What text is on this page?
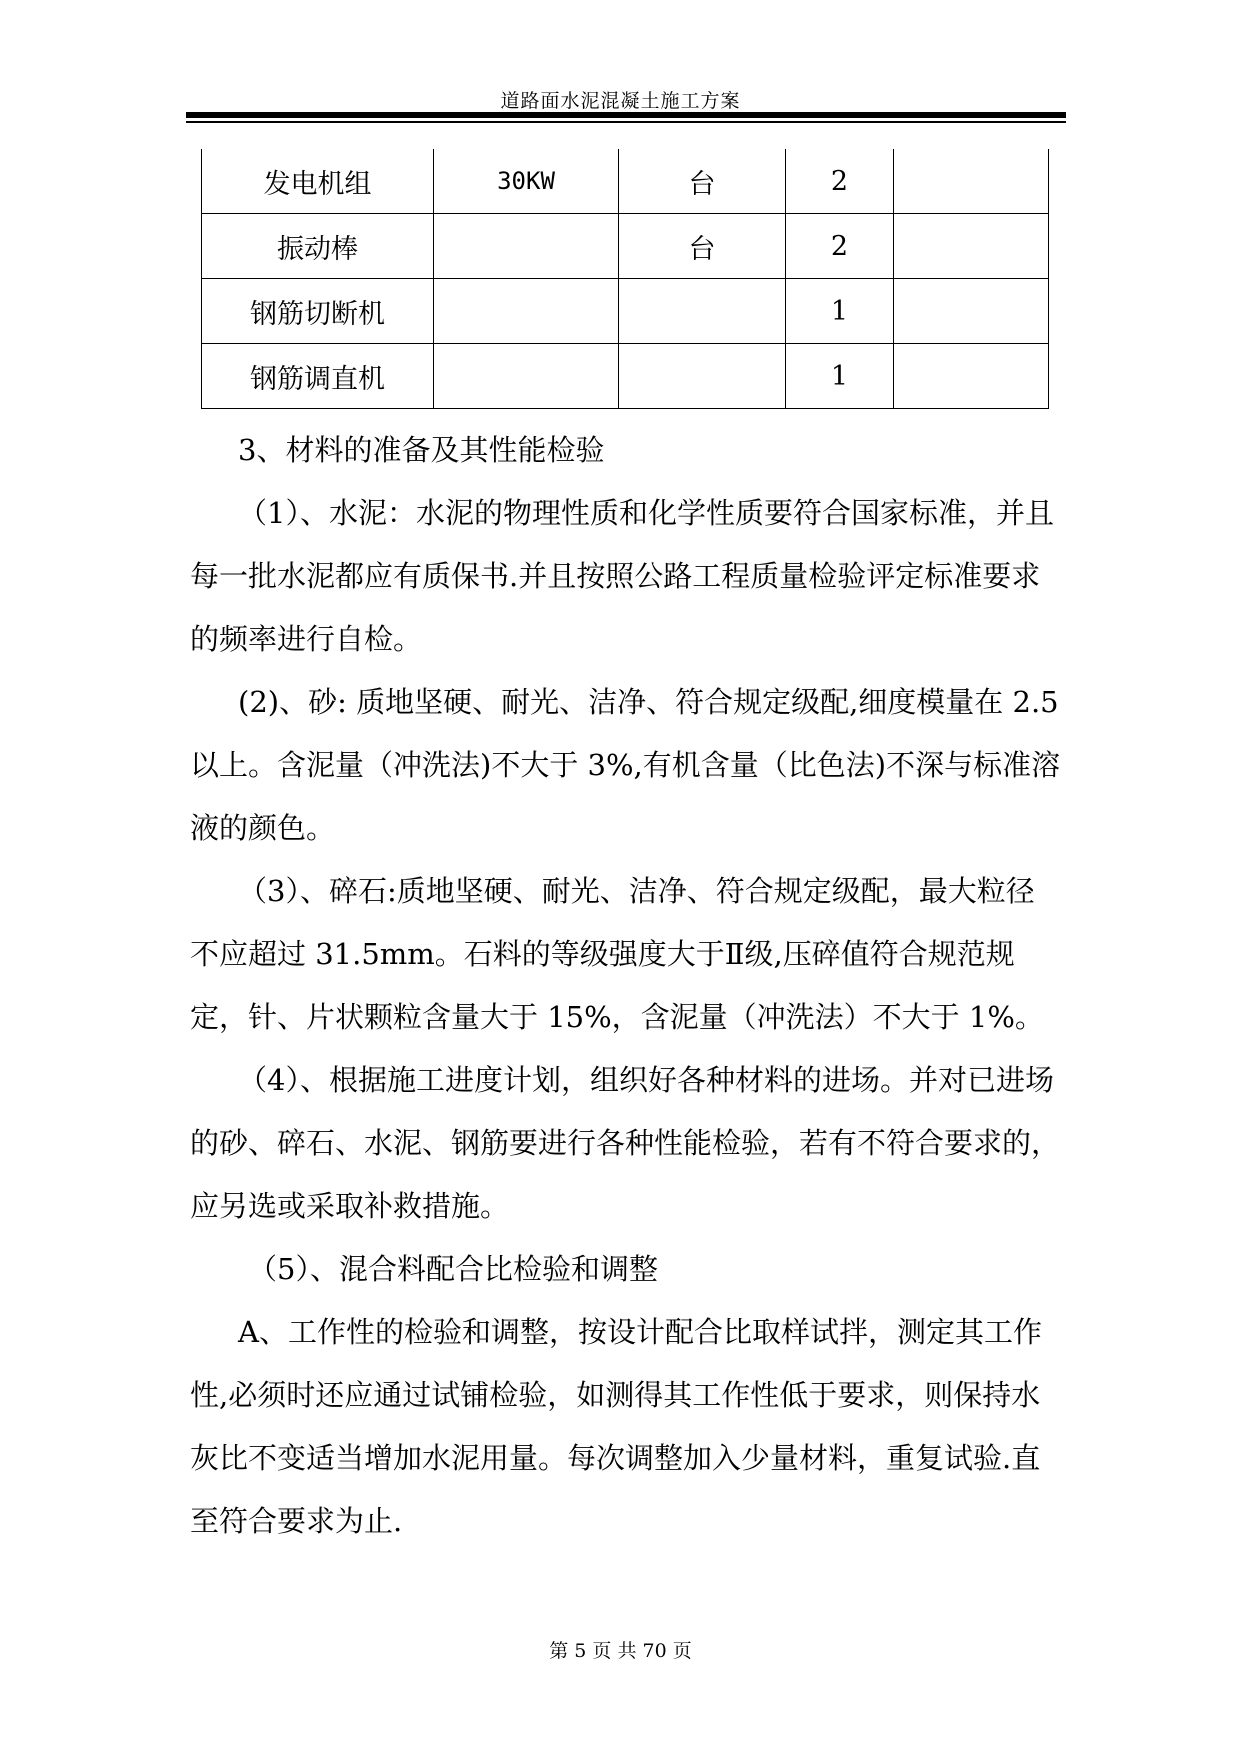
道路面水泥混凝土施工方案
发电机组	30KW	台	2	
振动棒		台	2	
钢筋切断机			1	
钢筋调直机			1	

3、材料的准备及其性能检验

（1）、水泥：水泥的物理性质和化学性质要符合国家标准，并且每一批水泥都应有质保书.并且按照公路工程质量检验评定标准要求的频率进行自检。

(2)、砂: 质地坚硬、耐光、洁净、符合规定级配,细度模量在 2.5 以上。含泥量（冲洗法)不大于 3%,有机含量（比色法)不深与标准溶液的颜色。

（3）、碎石:质地坚硬、耐光、洁净、符合规定级配，最大粒径不应超过 31.5mm。石料的等级强度大于Ⅱ级,压碎值符合规范规定，针、片状颗粒含量大于 15%，含泥量（冲洗法）不大于 1%。

（4）、根据施工进度计划，组织好各种材料的进场。并对已进场的砂、碎石、水泥、钢筋要进行各种性能检验，若有不符合要求的，应另选或采取补救措施。

（5）、混合料配合比检验和调整

A、工作性的检验和调整，按设计配合比取样试拌，测定其工作性,必须时还应通过试铺检验，如测得其工作性低于要求，则保持水灰比不变适当增加水泥用量。每次调整加入少量材料，重复试验.直至符合要求为止.

第 5 页 共 70 页
